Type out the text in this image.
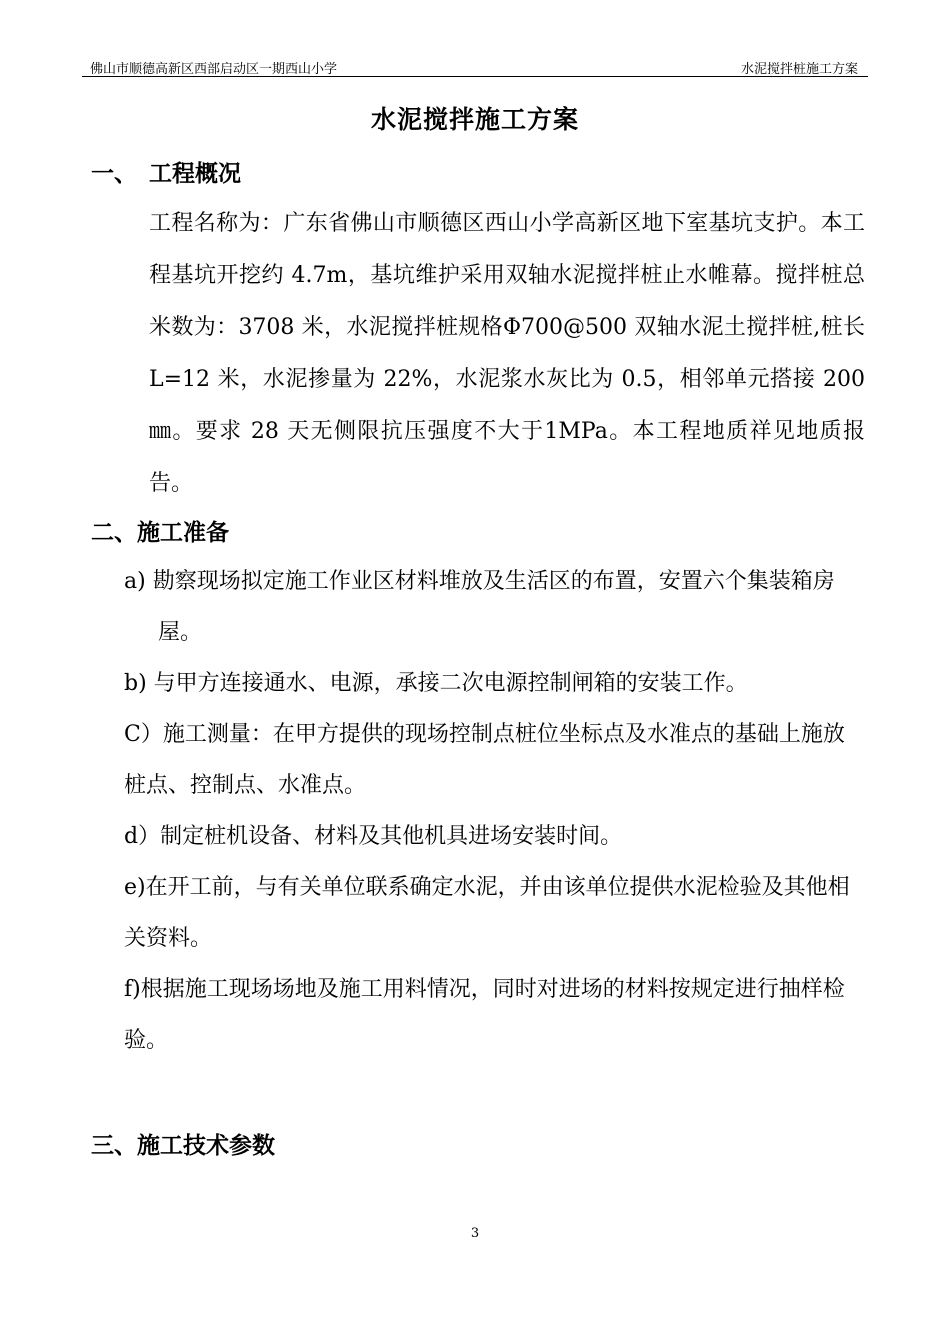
佛山市顺德高新区西部启动区一期西山小学	水泥搅拌桩施工方案
水泥搅拌施工方案
一、 工程概况
工程名称为：广东省佛山市顺德区西山小学高新区地下室基坑支护。本工程基坑开挖约 4.7m，基坑维护采用双轴水泥搅拌桩止水帷幕。搅拌桩总米数为：3708 米，水泥搅拌桩规格Φ700@500 双轴水泥土搅拌桩,桩长 L=12 米，水泥掺量为 22%，水泥浆水灰比为 0.5，相邻单元搭接 200㎜。要求 28 天无侧限抗压强度不大于1MPa。本工程地质祥见地质报告。
二、施工准备
a) 勘察现场拟定施工作业区材料堆放及生活区的布置，安置六个集装箱房屋。
b) 与甲方连接通水、电源，承接二次电源控制闸箱的安装工作。
C）施工测量：在甲方提供的现场控制点桩位坐标点及水准点的基础上施放桩点、控制点、水准点。
d）制定桩机设备、材料及其他机具进场安装时间。
e)在开工前，与有关单位联系确定水泥，并由该单位提供水泥检验及其他相关资料。
f)根据施工现场场地及施工用料情况，同时对进场的材料按规定进行抽样检验。
三、施工技术参数
3
